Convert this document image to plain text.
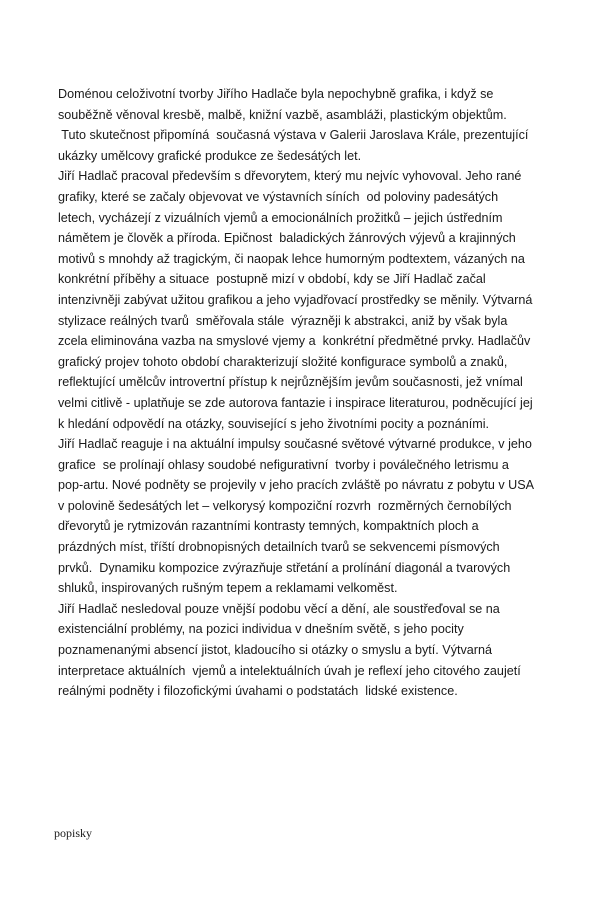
Doménou celoživotní tvorby Jiřího Hadlače byla nepochybně grafika, i když se
souběžně věnoval kresbě, malbě, knižní vazbě, asambláži, plastickým objektům.
Tuto skutečnost připomíná  současná výstava v Galerii Jaroslava Krále, prezentující
ukázky umělcovy grafické produkce ze šedesátých let.
Jiří Hadlač pracoval především s dřevorytem, který mu nejvíc vyhovoval. Jeho rané
grafiky, které se začaly objevovat ve výstavních síních  od poloviny padesátých
letech, vycházejí z vizuálních vjemů a emocionálních prožitků – jejich ústředním
námětem je člověk a příroda. Epičnost  baladických žánrových výjevů a krajinných
motivů s mnohdy až tragickým, či naopak lehce humorným podtextem, vázaných na
konkrétní příběhy a situace  postupně mizí v období, kdy se Jiří Hadlač začal
intenzivněji zabývat užitou grafikou a jeho vyjadřovací prostředky se měnily. Výtvarná
stylizace reálných tvarů  směřovala stále  výrazněji k abstrakci, aniž by však byla
zcela eliminována vazba na smyslové vjemy a  konkrétní předmětné prvky. Hadlačův
grafický projev tohoto období charakterizují složité konfigurace symbolů a znaků,
reflektující umělcův introvertní přístup k nejrůznějším jevům současnosti, jež vnímal
velmi citlivě - uplatňuje se zde autorova fantazie i inspirace literaturou, podněcující jej
k hledání odpovědí na otázky, související s jeho životními pocity a poznáními.
Jiří Hadlač reaguje i na aktuální impulsy současné světové výtvarné produkce, v jeho
grafice  se prolínají ohlasy soudobé nefigurativní  tvorby i poválečného letrismu a
pop-artu. Nové podněty se projevily v jeho pracích zvláště po návratu z pobytu v USA
v polovině šedesátých let – velkorysý kompoziční rozvrh  rozměrných černobílých
dřevorytů je rytmizován razantními kontrasty temných, kompaktních ploch a
prázdných míst, tříští drobnopisných detailních tvarů se sekvencemi písmových
prvků.  Dynamiku kompozice zvýrazňuje střetání a prolínání diagonál a tvarových
shluků, inspirovaných rušným tepem a reklamami velkoměst.
Jiří Hadlač nesledoval pouze vnější podobu věcí a dění, ale soustřeďoval se na
existenciální problémy, na pozici individua v dnešním světě, s jeho pocity
poznamenanými absencí jistot, kladoucího si otázky o smyslu a bytí. Výtvarná
interpretace aktuálních  vjemů a intelektuálních úvah je reflexí jeho citového zaujetí
reálnými podněty i filozofickými úvahami o podstatách  lidské existence.
popisky
